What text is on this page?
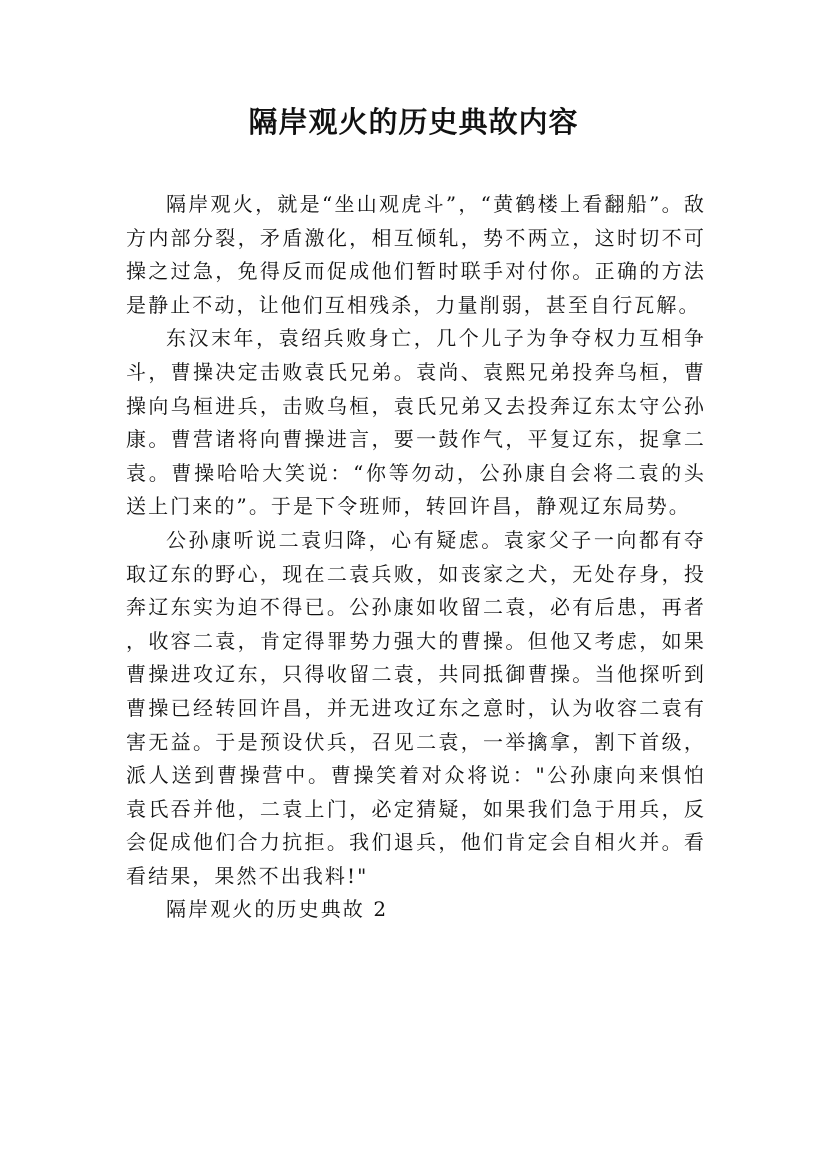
隔岸观火的历史典故内容

隔岸观火，就是“坐山观虎斗”，“黄鹤楼上看翻船”。敌方内部分裂，矛盾激化，相互倾轧，势不两立，这时切不可操之过急，免得反而促成他们暂时联手对付你。正确的方法是静止不动，让他们互相残杀，力量削弱，甚至自行瓦解。

东汉末年，袁绍兵败身亡，几个儿子为争夺权力互相争斗，曹操决定击败袁氏兄弟。袁尚、袁熙兄弟投奔乌桓，曹操向乌桓进兵，击败乌桓，袁氏兄弟又去投奔辽东太守公孙康。曹营诸将向曹操进言，要一鼓作气，平复辽东，捉拿二袁。曹操哈哈大笑说：“你等勿动，公孙康自会将二袁的头送上门来的”。于是下令班师，转回许昌，静观辽东局势。

公孙康听说二袁归降，心有疑虑。袁家父子一向都有夺取辽东的野心，现在二袁兵败，如丧家之犬，无处存身，投奔辽东实为迫不得已。公孙康如收留二袁，必有后患，再者，收容二袁，肯定得罪势力强大的曹操。但他又考虑，如果曹操进攻辽东，只得收留二袁，共同抵御曹操。当他探听到曹操已经转回许昌，并无进攻辽东之意时，认为收容二袁有害无益。于是预设伏兵，召见二袁，一举擒拿，割下首级，派人送到曹操营中。曹操笑着对众将说："公孙康向来惧怕袁氏吞并他，二袁上门，必定猜疑，如果我们急于用兵，反会促成他们合力抗拒。我们退兵，他们肯定会自相火并。看看结果，果然不出我料!"

隔岸观火的历史典故 2
